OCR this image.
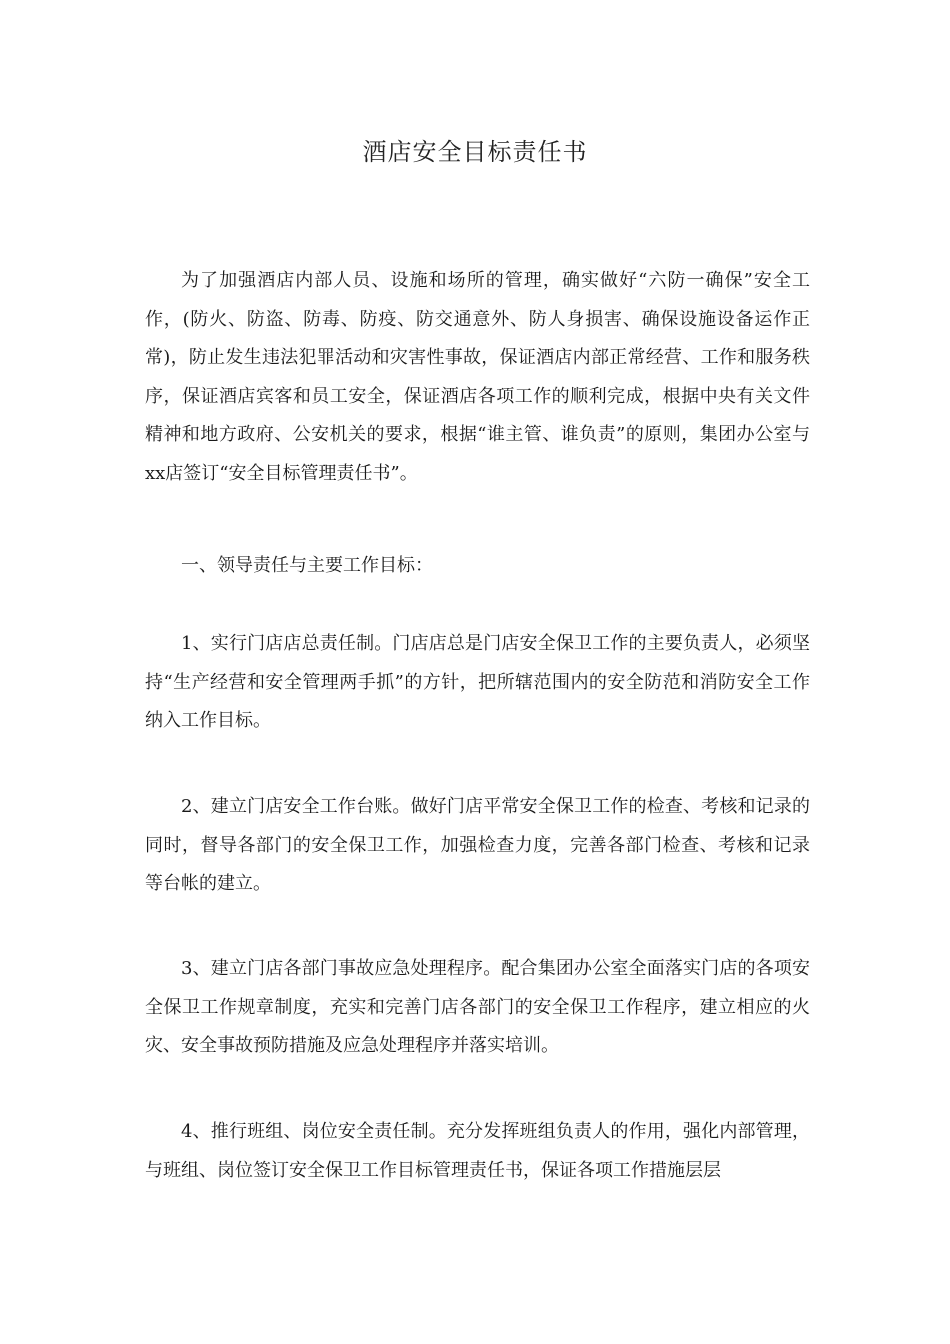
酒店安全目标责任书

为了加强酒店内部人员、设施和场所的管理，确实做好“六防一确保”安全工作，(防火、防盗、防毒、防疫、防交通意外、防人身损害、确保设施设备运作正常)，防止发生违法犯罪活动和灾害性事故，保证酒店内部正常经营、工作和服务秩序，保证酒店宾客和员工安全，保证酒店各项工作的顺利完成，根据中央有关文件精神和地方政府、公安机关的要求，根据“谁主管、谁负责”的原则，集团办公室与xx店签订“安全目标管理责任书”。

一、领导责任与主要工作目标：

1、实行门店店总责任制。门店店总是门店安全保卫工作的主要负责人，必须坚持“生产经营和安全管理两手抓”的方针，把所辖范围内的安全防范和消防安全工作纳入工作目标。

2、建立门店安全工作台账。做好门店平常安全保卫工作的检查、考核和记录的同时，督导各部门的安全保卫工作，加强检查力度，完善各部门检查、考核和记录等台帐的建立。

3、建立门店各部门事故应急处理程序。配合集团办公室全面落实门店的各项安全保卫工作规章制度，充实和完善门店各部门的安全保卫工作程序，建立相应的火灾、安全事故预防措施及应急处理程序并落实培训。

4、推行班组、岗位安全责任制。充分发挥班组负责人的作用，强化内部管理，与班组、岗位签订安全保卫工作目标管理责任书，保证各项工作措施层层
